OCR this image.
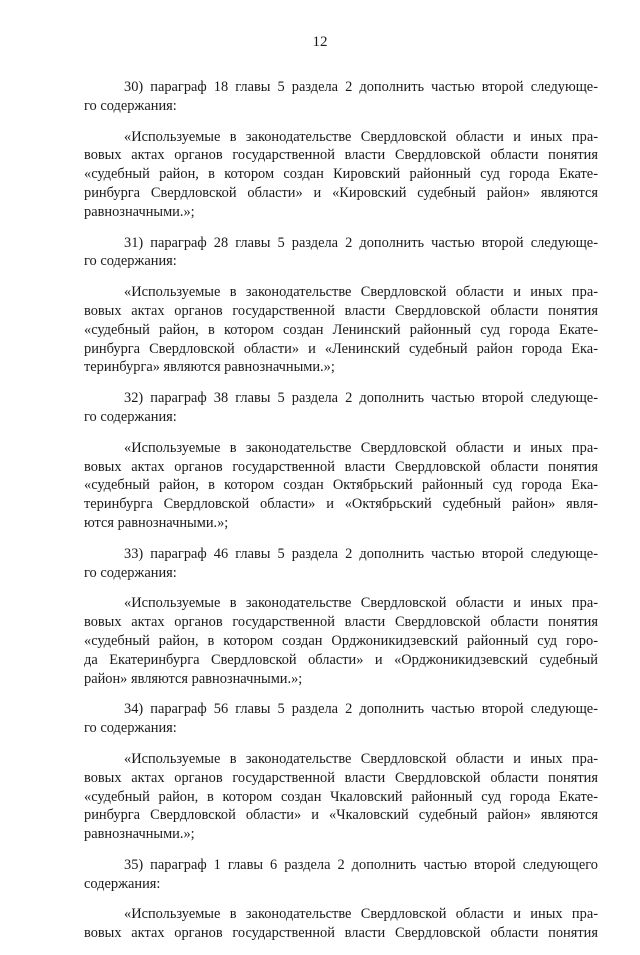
12
30) параграф 18 главы 5 раздела 2 дополнить частью второй следующе-
го содержания:
«Используемые в законодательстве Свердловской области и иных пра-
вовых актах органов государственной власти Свердловской области понятия
«судебный район, в котором создан Кировский районный суд города Екате-
ринбурга Свердловской области» и «Кировский судебный район» являются
равнозначными.»;
31) параграф 28 главы 5 раздела 2 дополнить частью второй следующе-
го содержания:
«Используемые в законодательстве Свердловской области и иных пра-
вовых актах органов государственной власти Свердловской области понятия
«судебный район, в котором создан Ленинский районный суд города Екате-
ринбурга Свердловской области» и «Ленинский судебный район города Ека-
теринбурга» являются равнозначными.»;
32) параграф 38 главы 5 раздела 2 дополнить частью второй следующе-
го содержания:
«Используемые в законодательстве Свердловской области и иных пра-
вовых актах органов государственной власти Свердловской области понятия
«судебный район, в котором создан Октябрьский районный суд города Ека-
теринбурга Свердловской области» и «Октябрьский судебный район» явля-
ются равнозначными.»;
33) параграф 46 главы 5 раздела 2 дополнить частью второй следующе-
го содержания:
«Используемые в законодательстве Свердловской области и иных пра-
вовых актах органов государственной власти Свердловской области понятия
«судебный район, в котором создан Орджоникидзевский районный суд горо-
да Екатеринбурга Свердловской области» и «Орджоникидзевский судебный
район» являются равнозначными.»;
34) параграф 56 главы 5 раздела 2 дополнить частью второй следующе-
го содержания:
«Используемые в законодательстве Свердловской области и иных пра-
вовых актах органов государственной власти Свердловской области понятия
«судебный район, в котором создан Чкаловский районный суд города Екате-
ринбурга Свердловской области» и «Чкаловский судебный район» являются
равнозначными.»;
35) параграф 1 главы 6 раздела 2 дополнить частью второй следующего
содержания:
«Используемые в законодательстве Свердловской области и иных пра-
вовых актах органов государственной власти Свердловской области понятия
